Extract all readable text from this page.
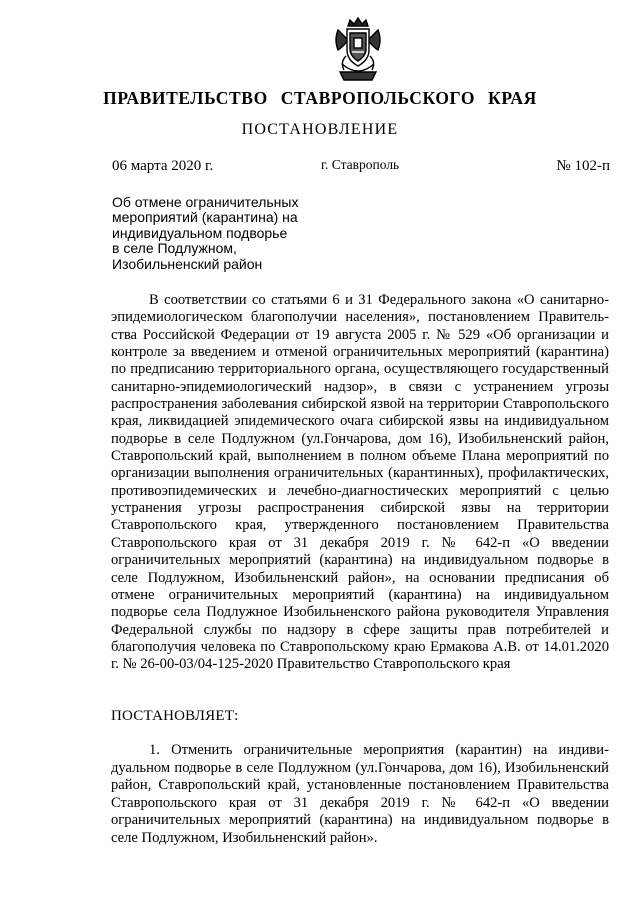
ПРАВИТЕЛЬСТВО СТАВРОПОЛЬСКОГО КРАЯ
ПОСТАНОВЛЕНИЕ
06 марта 2020 г.	г. Ставрополь	№ 102-п
Об отмене ограничительных
мероприятий (карантина) на
индивидуальном подворье
в селе Подлужном,
Изобильненский район

В соответствии со статьями 6 и 31 Федерального закона «О санитарно-эпидемиологическом благополучии населения», постановлением Правительства Российской Федерации от 19 августа 2005 г. № 529 «Об организации и контроле за введением и отменой ограничительных мероприятий (карантина) по предписанию территориального органа, осуществляющего государственный санитарно-эпидемиологический надзор», в связи с устранением угрозы распространения заболевания сибирской язвой на территории Ставропольского края, ликвидацией эпидемического очага сибирской язвы на индивидуальном подворье в селе Подлужном (ул.Гончарова, дом 16), Изобильненский район, Ставропольский край, выполнением в полном объеме Плана мероприятий по организации выполнения ограничительных (карантинных), профилактических, противоэпидемических и лечебно-диагностических мероприятий с целью устранения угрозы распространения сибирской язвы на территории Ставропольского края, утвержденного постановлением Правительства Ставропольского края от 31 декабря 2019 г. № 642-п «О введении ограничительных мероприятий (карантина) на индивидуальном подворье в селе Подлужном, Изобильненский район», на основании предписания об отмене ограничительных мероприятий (карантина) на индивидуальном подворье села Подлужное Изобильненского района руководителя Управления Федеральной службы по надзору в сфере защиты прав потребителей и благополучия человека по Ставропольскому краю Ермакова А.В. от 14.01.2020 г. № 26-00-03/04-125-2020 Правительство Ставропольского края

ПОСТАНОВЛЯЕТ:

1. Отменить ограничительные мероприятия (карантин) на индивидуальном подворье в селе Подлужном (ул.Гончарова, дом 16), Изобильненский район, Ставропольский край, установленные постановлением Правительства Ставропольского края от 31 декабря 2019 г. № 642-п «О введении ограничительных мероприятий (карантина) на индивидуальном подворье в селе Подлужном, Изобильненский район».
